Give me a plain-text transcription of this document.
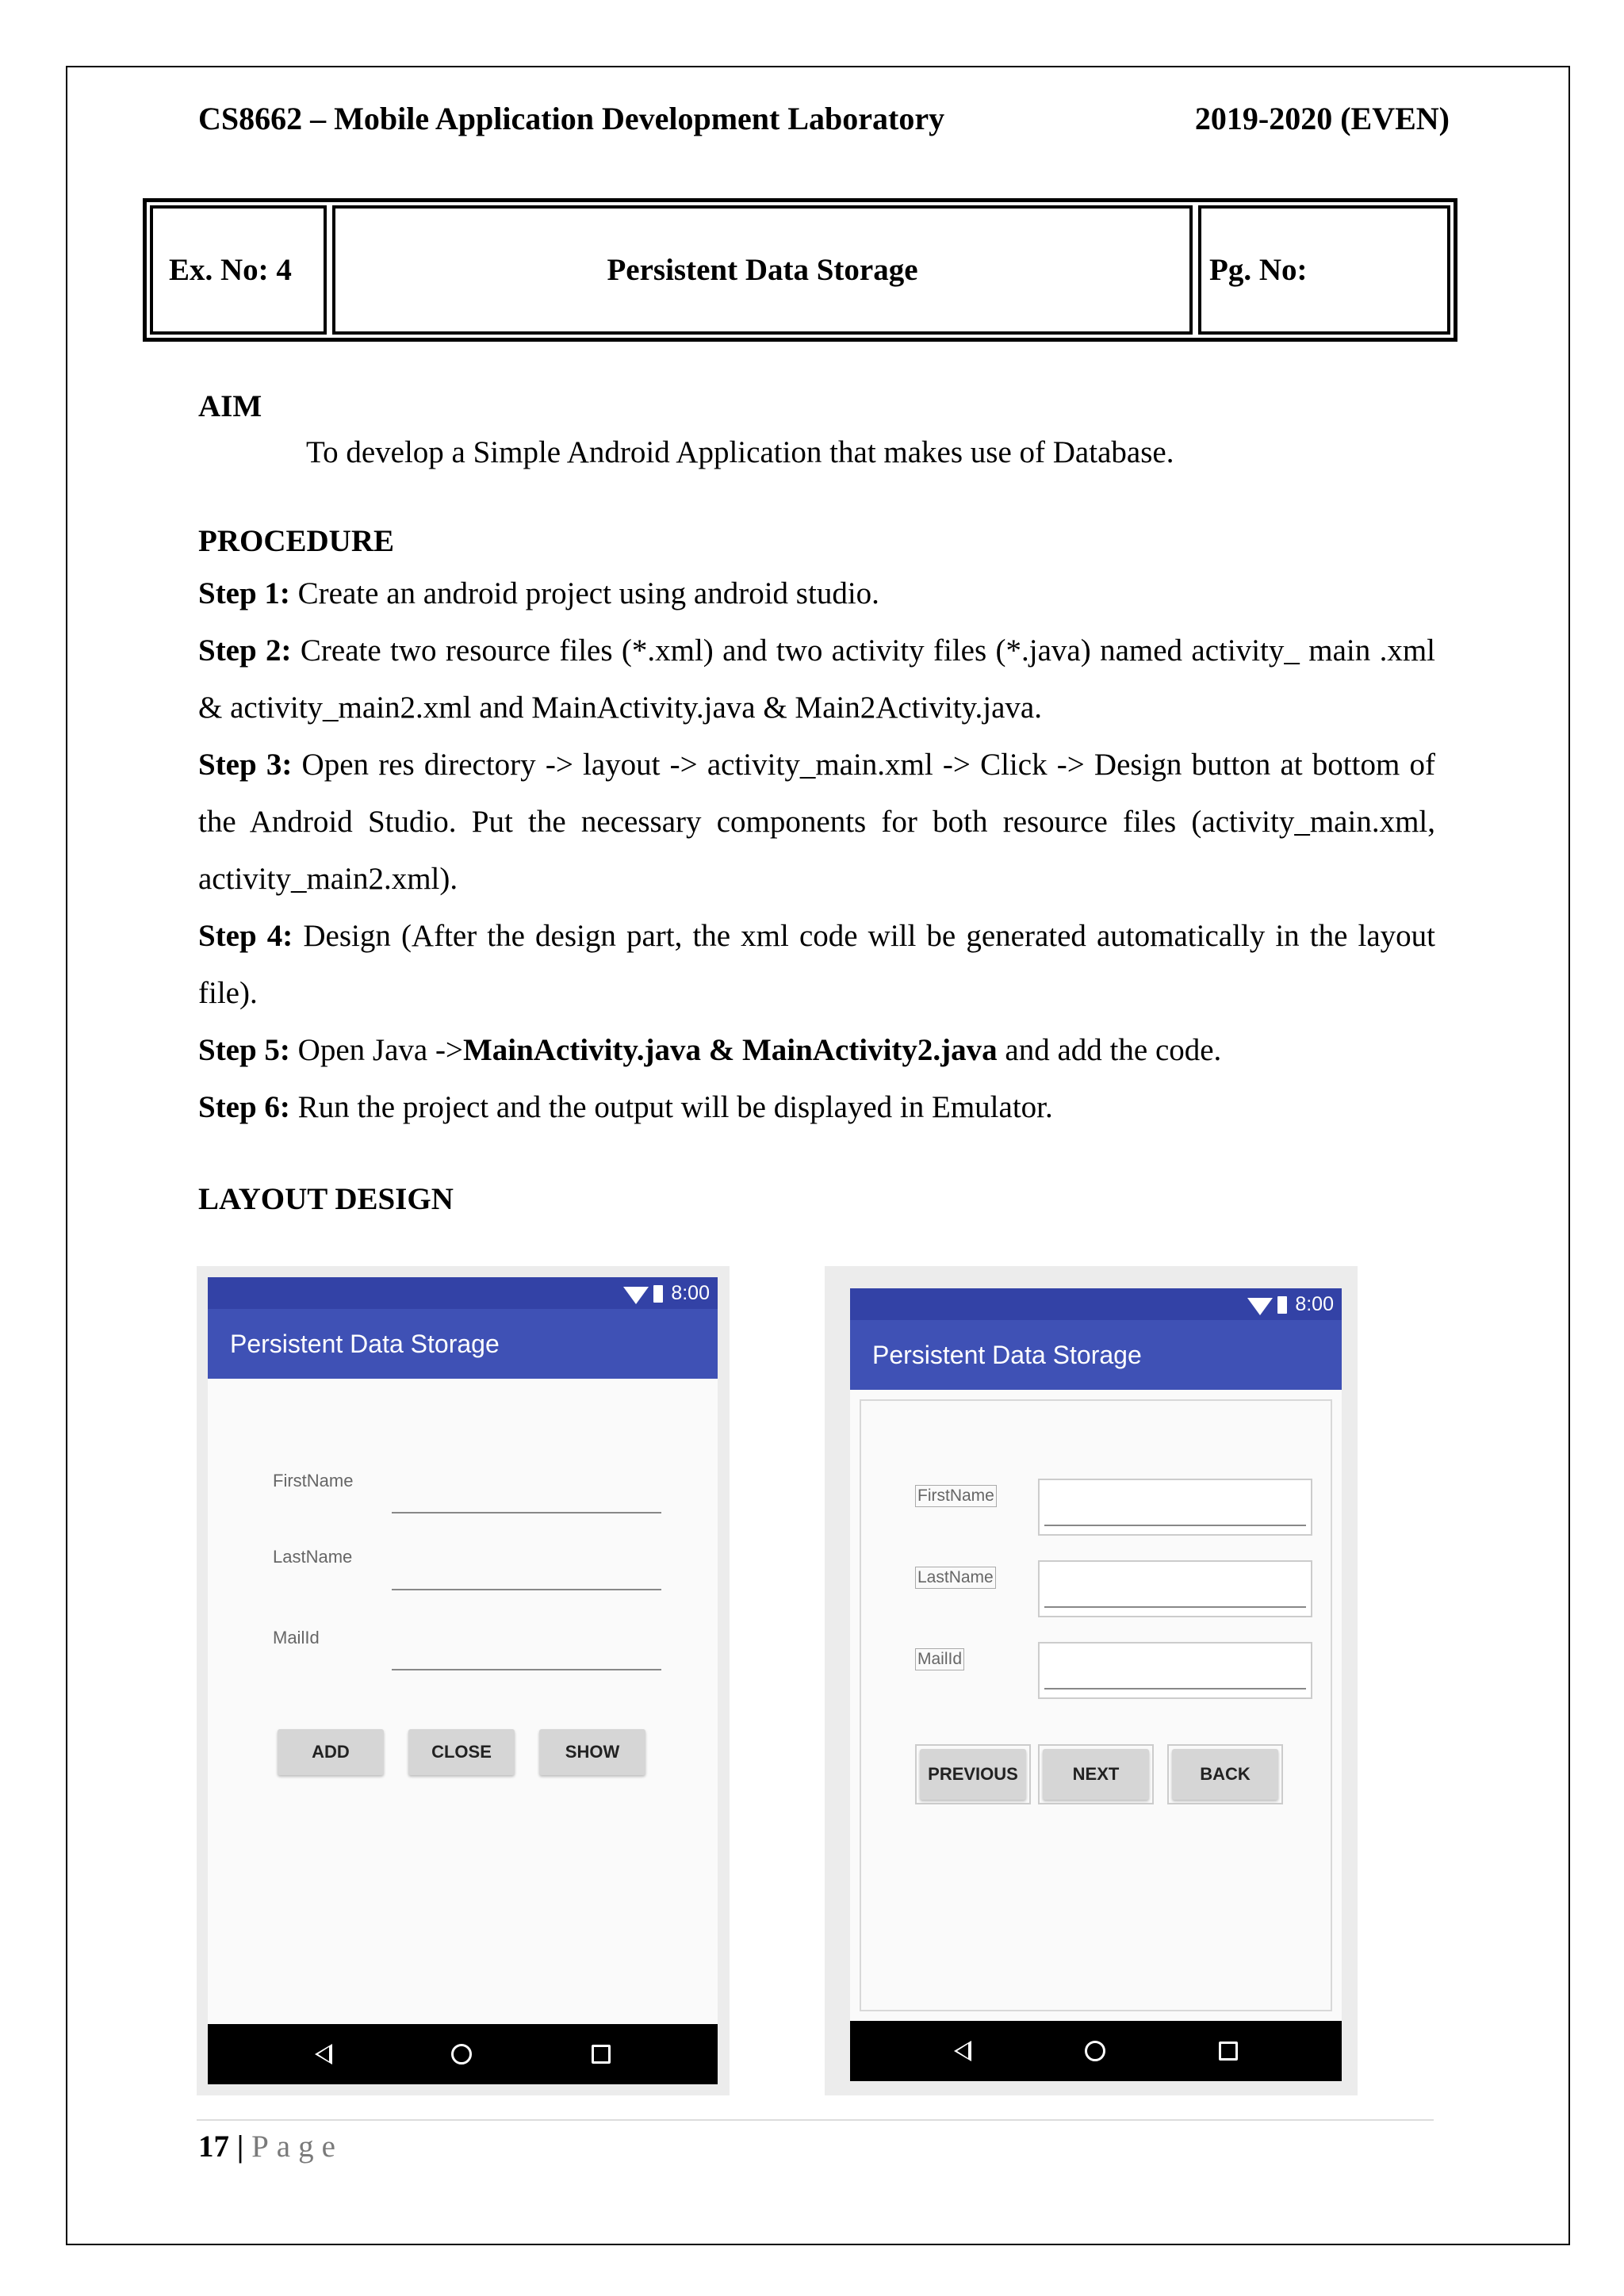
CS8662 – Mobile Application Development Laboratory	2019-2020 (EVEN)
Ex. No: 4	Persistent Data Storage	Pg. No:
AIM
To develop a Simple Android Application that makes use of Database.
PROCEDURE

Step 1: Create an android project using android studio.

Step 2: Create two resource files (*.xml) and two activity files (*.java) named activity_ main .xml & activity_main2.xml and MainActivity.java & Main2Activity.java.

Step 3: Open res directory -> layout -> activity_main.xml -> Click -> Design button at bottom of the Android Studio. Put the necessary components for both resource files (activity_main.xml, activity_main2.xml).

Step 4: Design (After the design part, the xml code will be generated automatically in the layout file).

Step 5: Open Java ->MainActivity.java & MainActivity2.java and add the code.

Step 6: Run the project and the output will be displayed in Emulator.

LAYOUT DESIGN
8:00
Persistent Data Storage
FirstName
LastName
MailId
ADD	CLOSE	SHOW
8:00
Persistent Data Storage
FirstName
LastName
MailId
PREVIOUS	NEXT	BACK
17 | Page
